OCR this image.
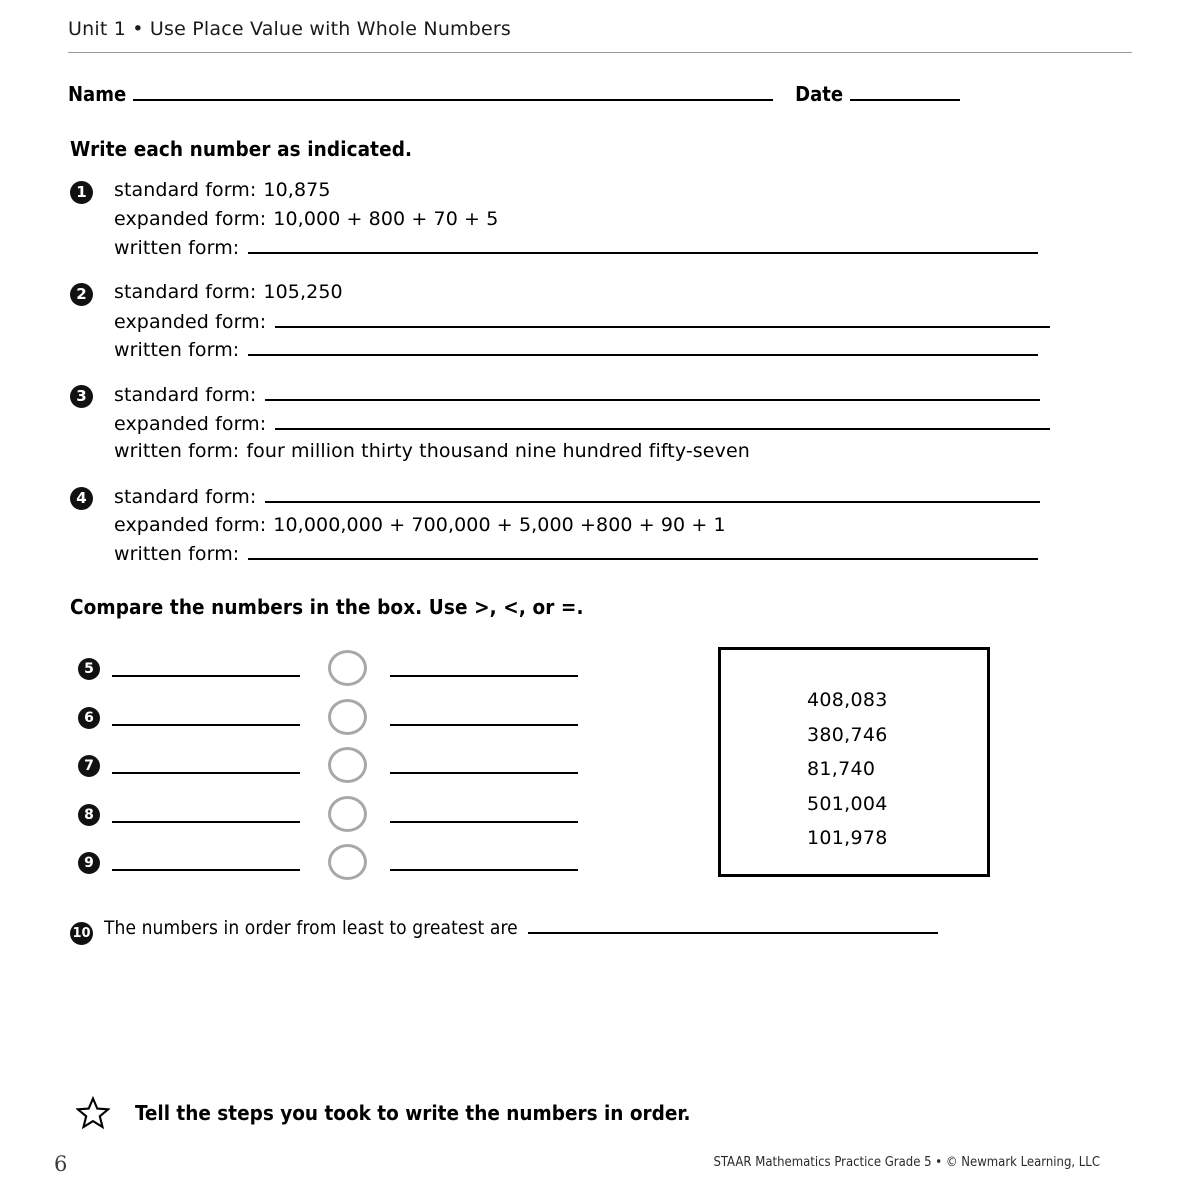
Unit 1 • Use Place Value with Whole Numbers
Name	Date
Write each number as indicated.
1	standard form: 10,875
expanded form: 10,000 + 800 + 70 + 5
written form:
2	standard form: 105,250
expanded form:
written form:
3	standard form:
expanded form:
written form: four million thirty thousand nine hundred fifty-seven
4	standard form:
expanded form: 10,000,000 + 700,000 + 5,000 +800 + 90 + 1
written form:
Compare the numbers in the box. Use >, <, or =.
5
6
7
8
9
408,083
380,746
81,740
501,004
101,978
10 The numbers in order from least to greatest are
Tell the steps you took to write the numbers in order.
6	STAAR Mathematics Practice Grade 5 • © Newmark Learning, LLC
